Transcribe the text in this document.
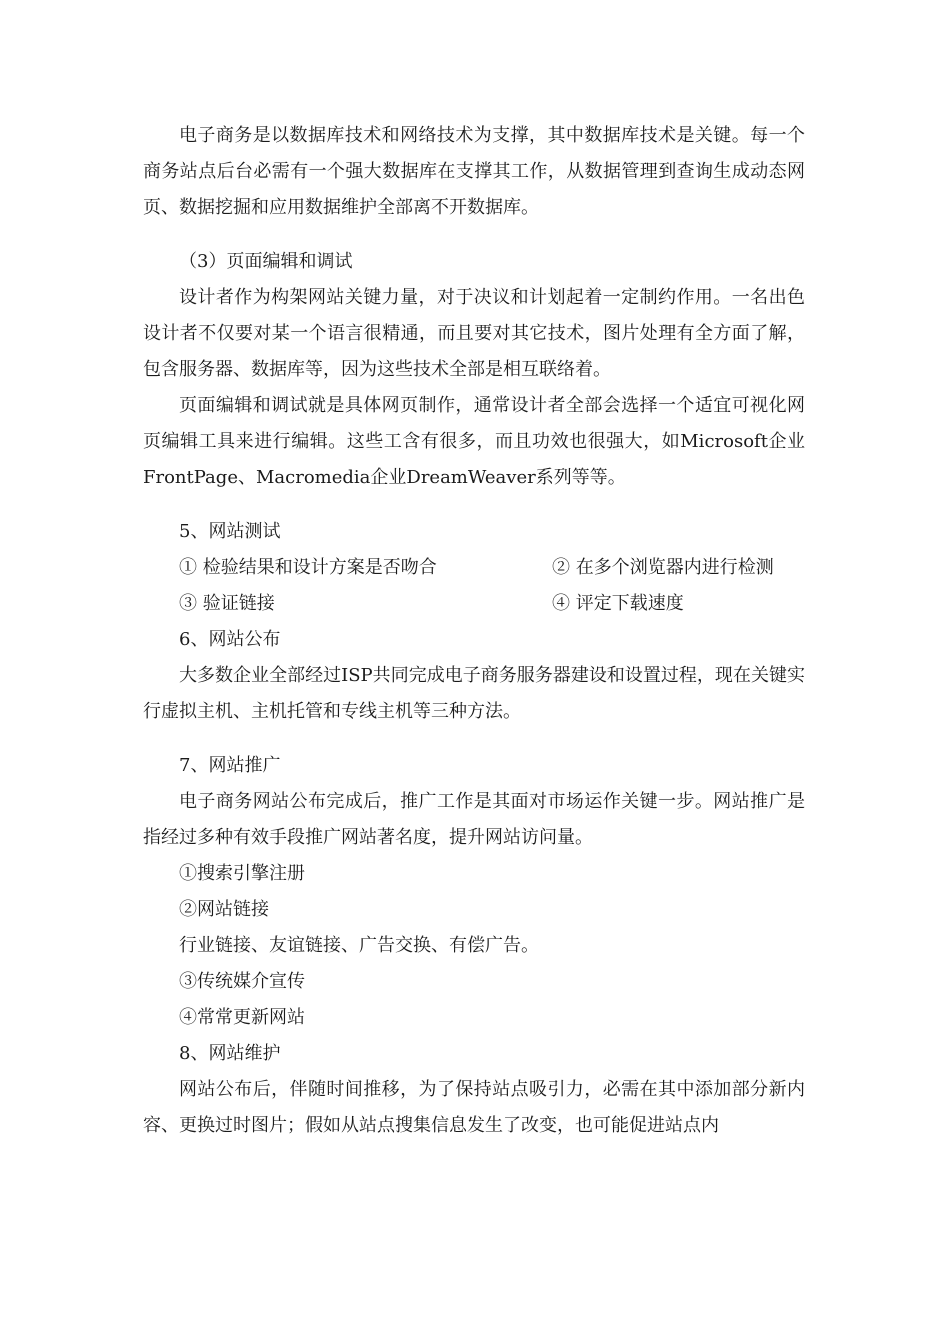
电子商务是以数据库技术和网络技术为支撑，其中数据库技术是关键。每一个商务站点后台必需有一个强大数据库在支撑其工作，从数据管理到查询生成动态网页、数据挖掘和应用数据维护全部离不开数据库。

（3）页面编辑和调试

设计者作为构架网站关键力量，对于决议和计划起着一定制约作用。一名出色设计者不仅要对某一个语言很精通，而且要对其它技术，图片处理有全方面了解，包含服务器、数据库等，因为这些技术全部是相互联络着。

页面编辑和调试就是具体网页制作，通常设计者全部会选择一个适宜可视化网页编辑工具来进行编辑。这些工含有很多，而且功效也很强大，如Microsoft企业FrontPage、Macromedia企业DreamWeaver系列等等。

5、网站测试

① 检验结果和设计方案是否吻合	② 在多个浏览器内进行检测
③ 验证链接	④ 评定下载速度

6、网站公布

大多数企业全部经过ISP共同完成电子商务服务器建设和设置过程，现在关键实行虚拟主机、主机托管和专线主机等三种方法。

7、网站推广

电子商务网站公布完成后，推广工作是其面对市场运作关键一步。网站推广是指经过多种有效手段推广网站著名度，提升网站访问量。

①搜索引擎注册

②网站链接

行业链接、友谊链接、广告交换、有偿广告。

③传统媒介宣传

④常常更新网站

8、网站维护

网站公布后，伴随时间推移，为了保持站点吸引力，必需在其中添加部分新内容、更换过时图片；假如从站点搜集信息发生了改变，也可能促进站点内
